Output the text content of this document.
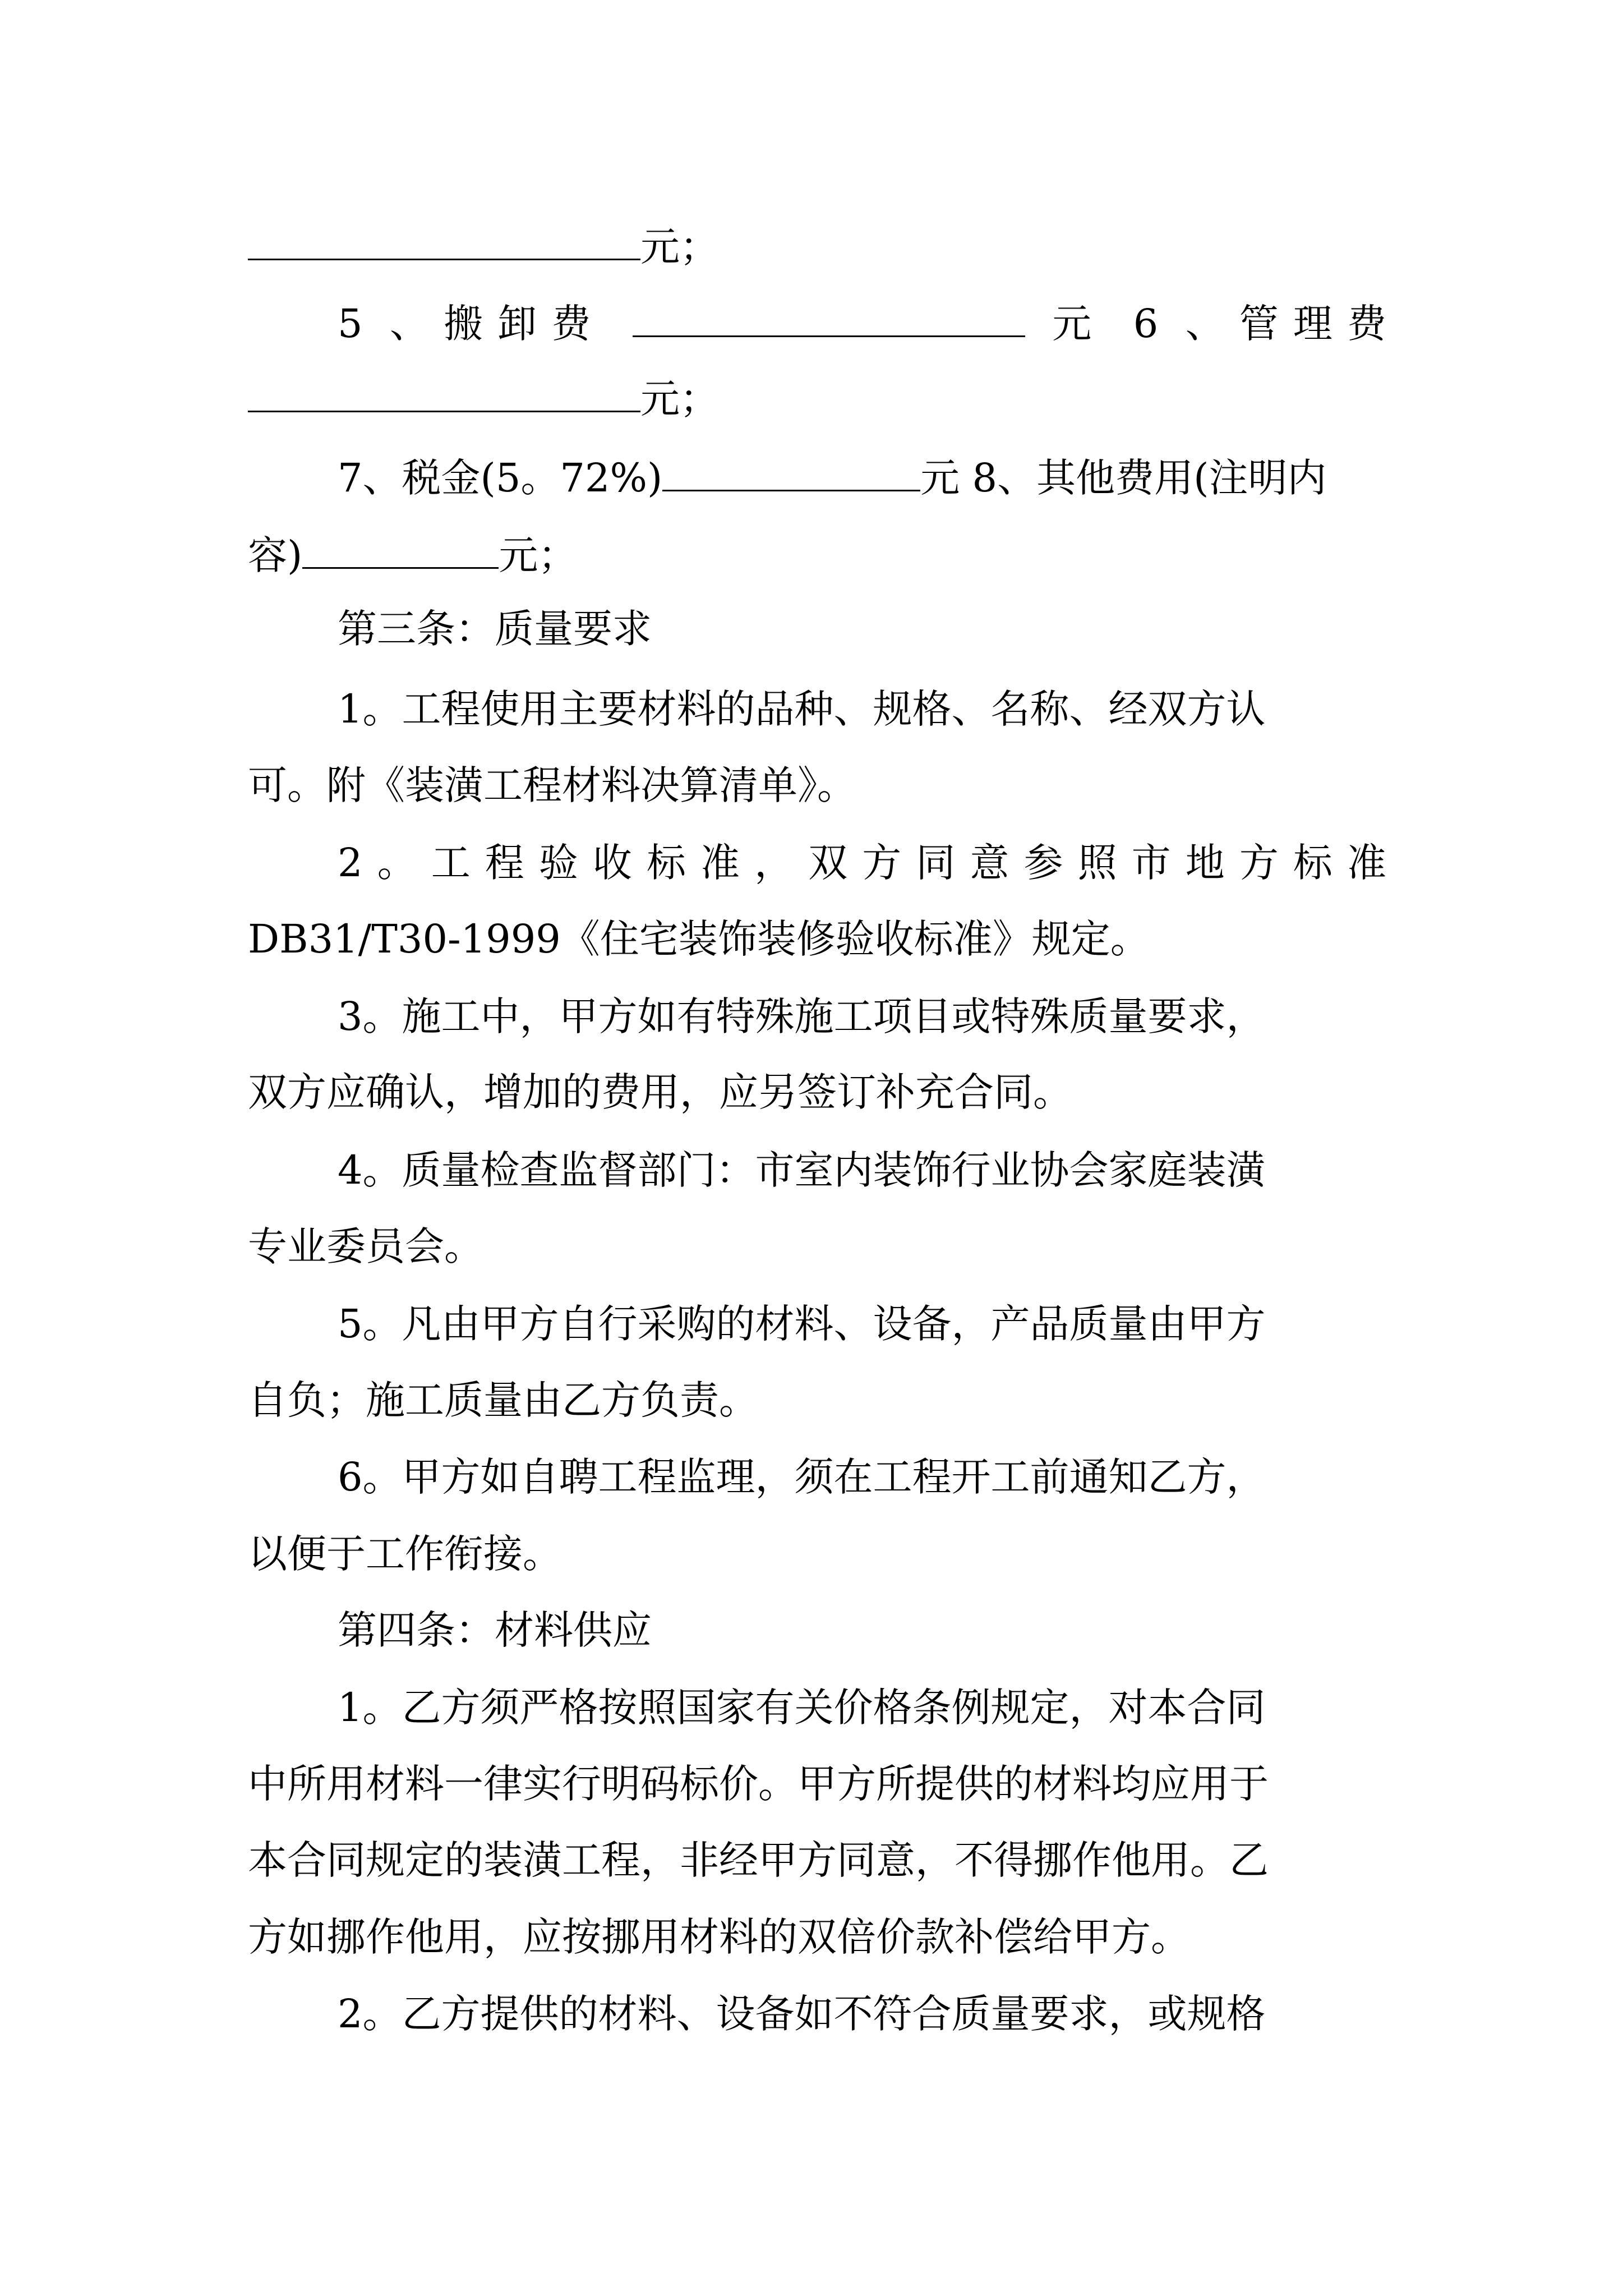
元；
5 、搬卸费	元 6 、管理费
元；
7、税金(5。72%)	元 8、其他费用(注明内
容)	元；
第三条：质量要求
1。工程使用主要材料的品种、规格、名称、经双方认
可。附《装潢工程材料决算清单》。
2。工程验收标准，双方同意参照市地方标准
DB31/T30-1999《住宅装饰装修验收标准》规定。
3。施工中，甲方如有特殊施工项目或特殊质量要求，
双方应确认，增加的费用，应另签订补充合同。
4。质量检查监督部门：市室内装饰行业协会家庭装潢
专业委员会。
5。凡由甲方自行采购的材料、设备，产品质量由甲方
自负；施工质量由乙方负责。
6。甲方如自聘工程监理，须在工程开工前通知乙方，
以便于工作衔接。
第四条：材料供应
1。乙方须严格按照国家有关价格条例规定，对本合同
中所用材料一律实行明码标价。甲方所提供的材料均应用于
本合同规定的装潢工程，非经甲方同意，不得挪作他用。乙
方如挪作他用，应按挪用材料的双倍价款补偿给甲方。
2。乙方提供的材料、设备如不符合质量要求，或规格
